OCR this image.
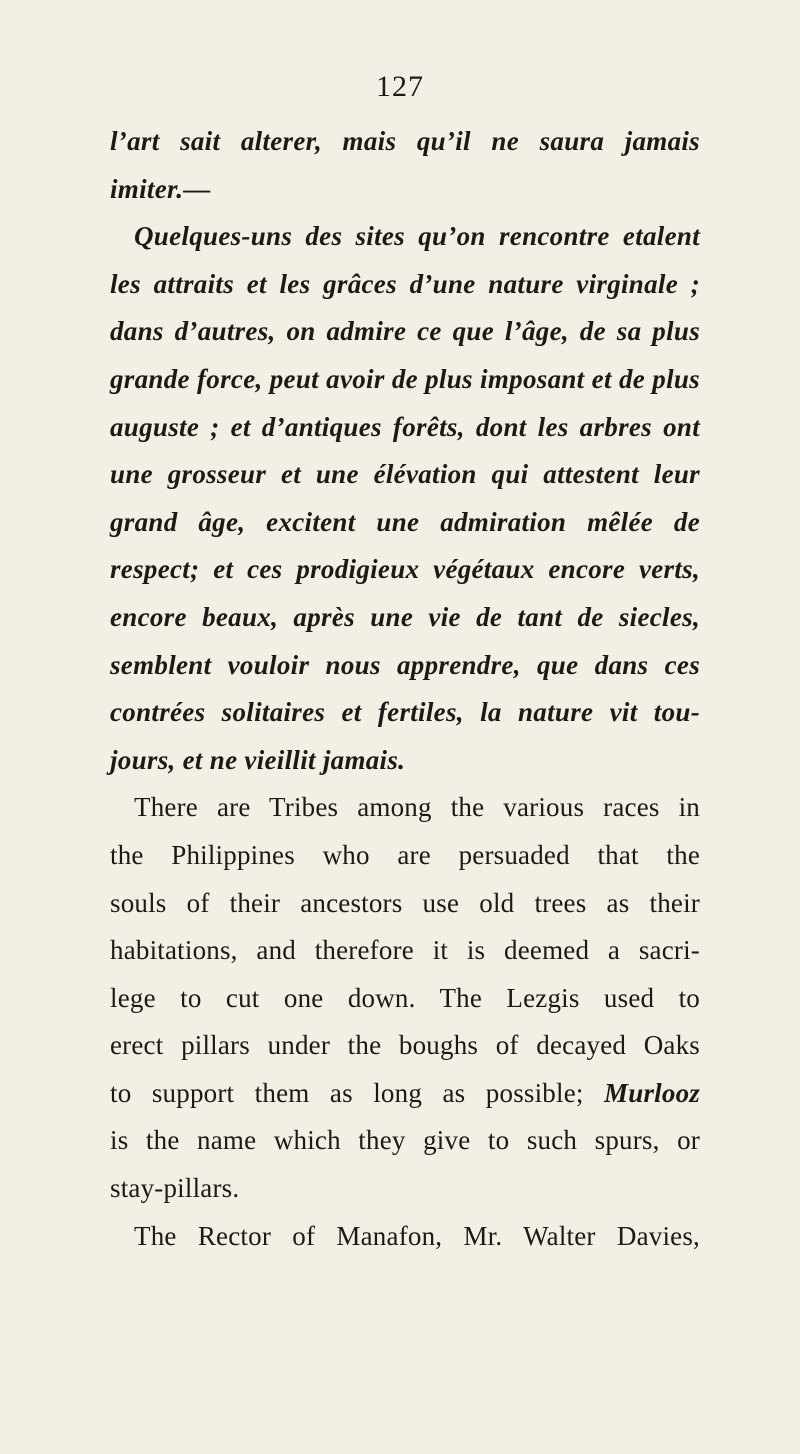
127
l’art sait alterer, mais qu’il ne saura jamais
imiter.—
Quelques-uns des sites qu’on rencontre etalent
les attraits et les grâces d’une nature virginale ;
dans d’autres, on admire ce que l’âge, de sa plus
grande force, peut avoir de plus imposant et de plus
auguste ; et d’antiques forêts, dont les arbres ont
une grosseur et une élévation qui attestent leur
grand âge, excitent une admiration mêlée de
respect; et ces prodigieux végétaux encore verts,
encore beaux, après une vie de tant de siecles,
semblent vouloir nous apprendre, que dans ces
contrées solitaires et fertiles, la nature vit tou-
jours, et ne vieillit jamais.
There are Tribes among the various races in
the Philippines who are persuaded that the
souls of their ancestors use old trees as their
habitations, and therefore it is deemed a sacri-
lege to cut one down. The Lezgis used to
erect pillars under the boughs of decayed Oaks
to support them as long as possible; Murlooz
is the name which they give to such spurs, or
stay-pillars.
The Rector of Manafon, Mr. Walter Davies,
